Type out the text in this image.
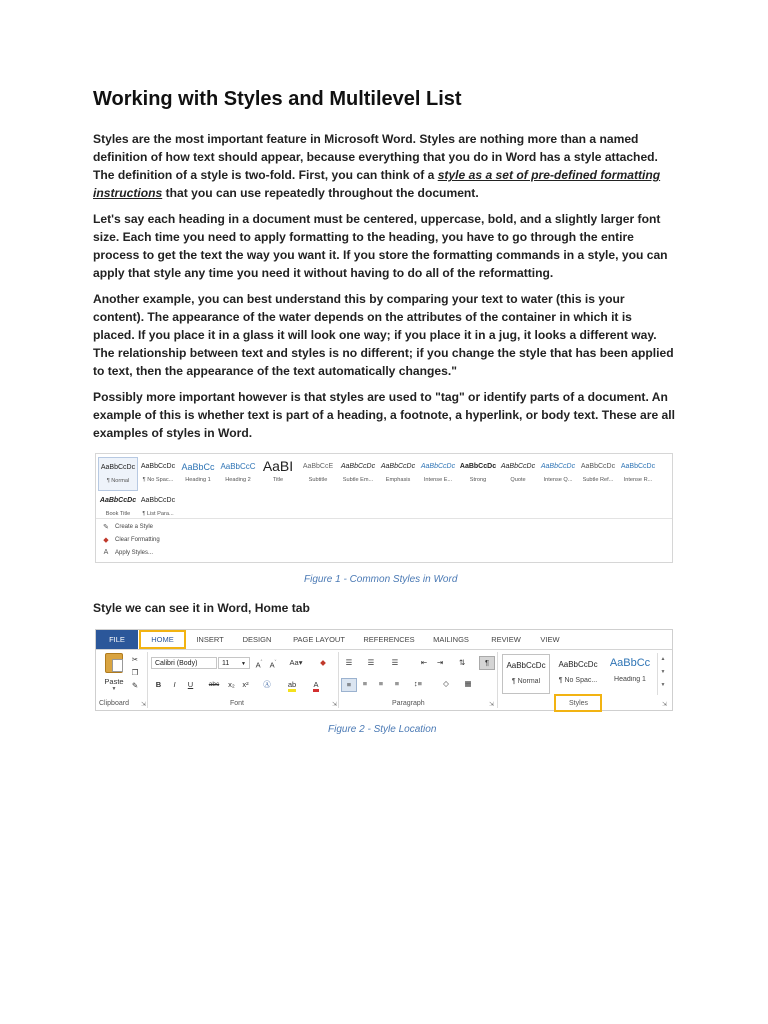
Working with Styles and Multilevel List

Styles are the most important feature in Microsoft Word. Styles are nothing more than a named definition of how text should appear, because everything that you do in Word has a style attached. The definition of a style is two-fold. First, you can think of a style as a set of pre-defined formatting instructions that you can use repeatedly throughout the document.

Let's say each heading in a document must be centered, uppercase, bold, and a slightly larger font size. Each time you need to apply formatting to the heading, you have to go through the entire process to get the text the way you want it. If you store the formatting commands in a style, you can apply that style any time you need it without having to do all of the reformatting.

Another example, you can best understand this by comparing your text to water (this is your content). The appearance of the water depends on the attributes of the container in which it is placed. If you place it in a glass it will look one way; if you place it in a jug, it looks a different way. The relationship between text and styles is no different; if you change the style that has been applied to text, then the appearance of the text automatically changes."

Possibly more important however is that styles are used to "tag" or identify parts of a document. An example of this is whether text is part of a heading, a footnote, a hyperlink, or body text. These are all examples of styles in Word.

AaBbCcDc
¶ Normal
AaBbCcDc
¶ No Spac...
AaBbCc
Heading 1
AaBbCcC
Heading 2
AaBI
Title
AaBbCcE
Subtitle
AaBbCcDc
Subtle Em...
AaBbCcDc
Emphasis
AaBbCcDc
Intense E...
AaBbCcDc
Strong
AaBbCcDc
Quote
AaBbCcDc
Intense Q...
AaBbCcDc
Subtle Ref...
AaBbCcDc
Intense R...
AaBbCcDc
Book Title
AaBbCcDc
¶ List Para...
✎	Create a Style
◆	Clear Formatting
A	Apply Styles...
Figure 1 - Common Styles in Word
Style we can see it in Word, Home tab
FILE	HOME	INSERT	DESIGN	PAGE LAYOUT	REFERENCES	MAILINGS	REVIEW	VIEW
Paste
▼
✂
❐
✎
Clipboard ⇲
Calibri (Body)	11 ▼	$A^ˆ$ $A^ˇ$	Aa▾	◆
B	I	U	abc	x₂	x²	Ⓐ	ab	A
Font	⇲
☰	☰	☰	⇤	⇥	⇅	¶
≡	≡	≡	≡	↕≡	◇	▦
Paragraph	⇲
AaBbCcDc
¶ Normal
AaBbCcDc
¶ No Spac...
AaBbCc
Heading 1
▲
▼
▼
Styles	⇲
Figure 2 - Style Location
